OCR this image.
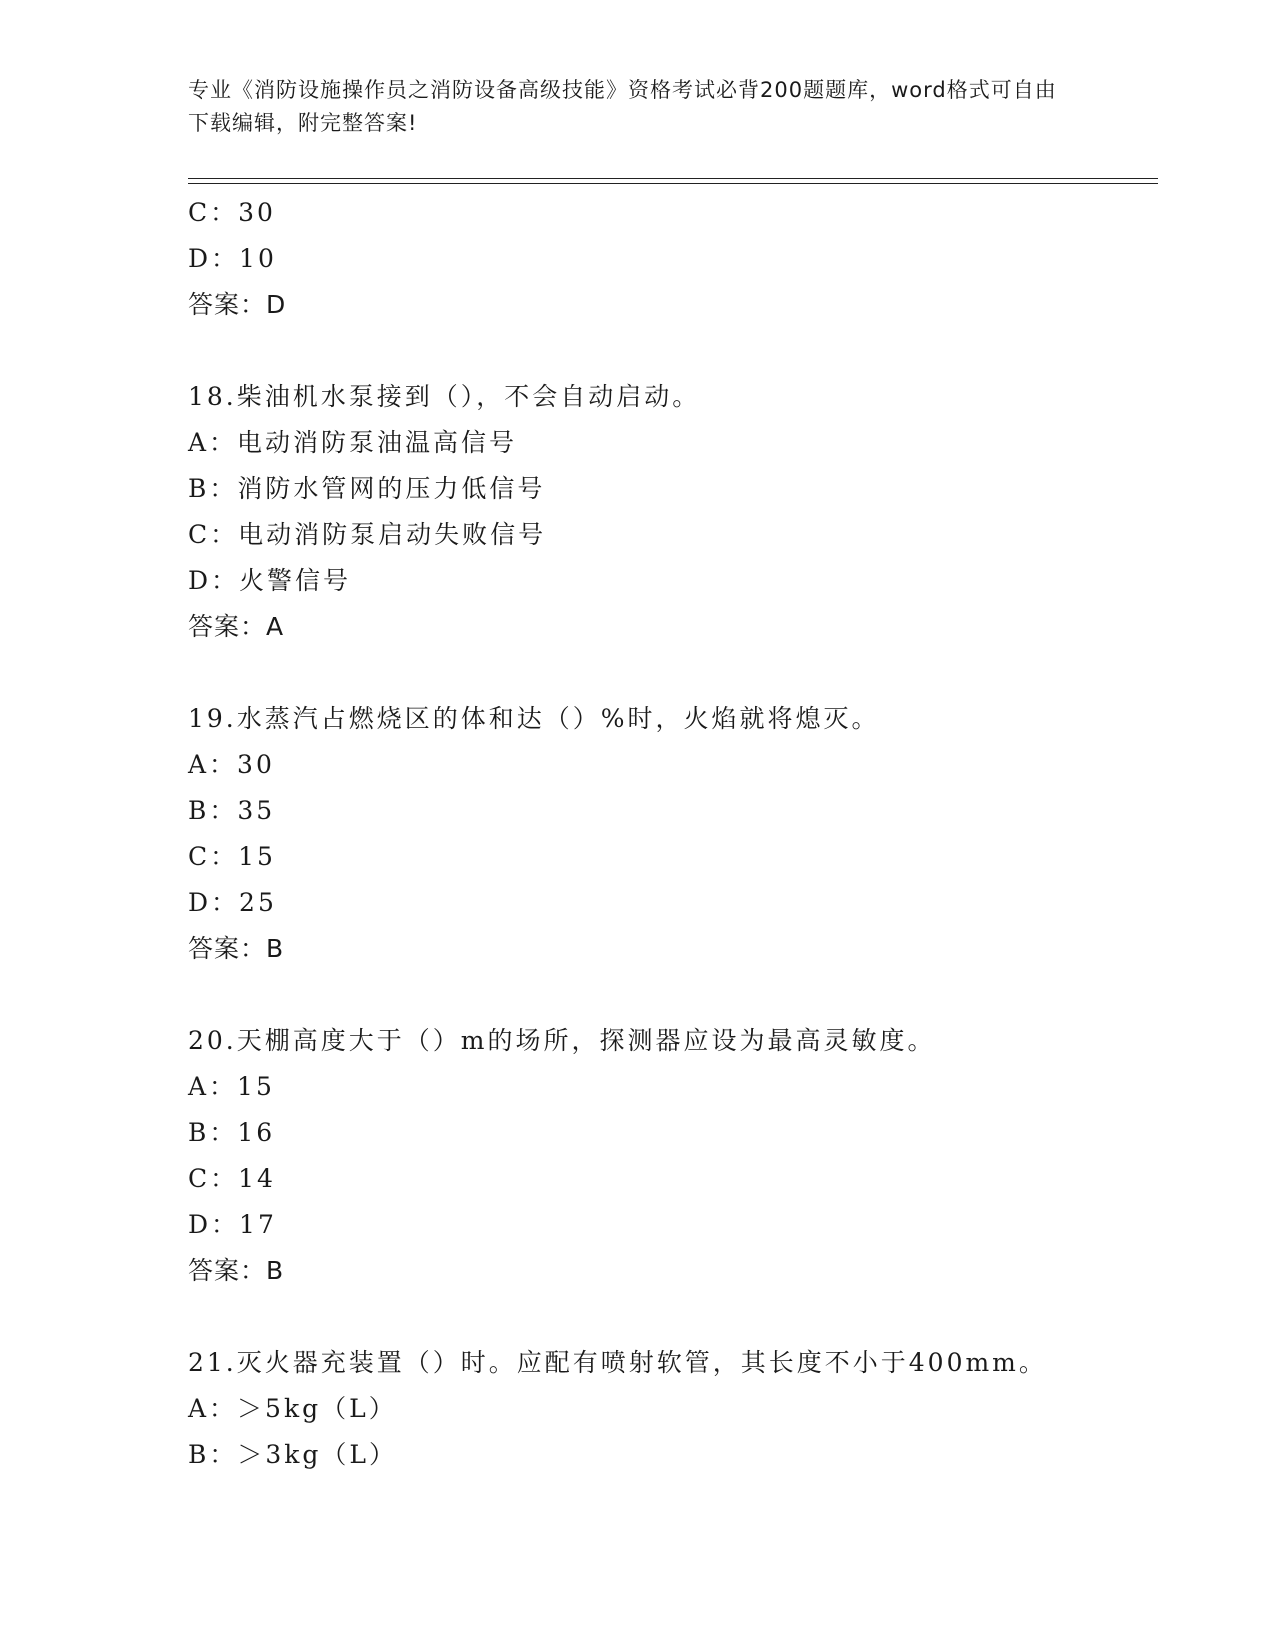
专业《消防设施操作员之消防设备高级技能》资格考试必背200题题库，word格式可自由下载编辑，附完整答案!
C：30
D：10
答案：D
18.柴油机水泵接到（），不会自动启动。
A：电动消防泵油温高信号
B：消防水管网的压力低信号
C：电动消防泵启动失败信号
D：火警信号
答案：A
19.水蒸汽占燃烧区的体和达（）%时，火焰就将熄灭。
A：30
B：35
C：15
D：25
答案：B
20.天棚高度大于（）m的场所，探测器应设为最高灵敏度。
A：15
B：16
C：14
D：17
答案：B
21.灭火器充装置（）时。应配有喷射软管，其长度不小于400mm。
A：＞5kg（L）
B：＞3kg（L）
